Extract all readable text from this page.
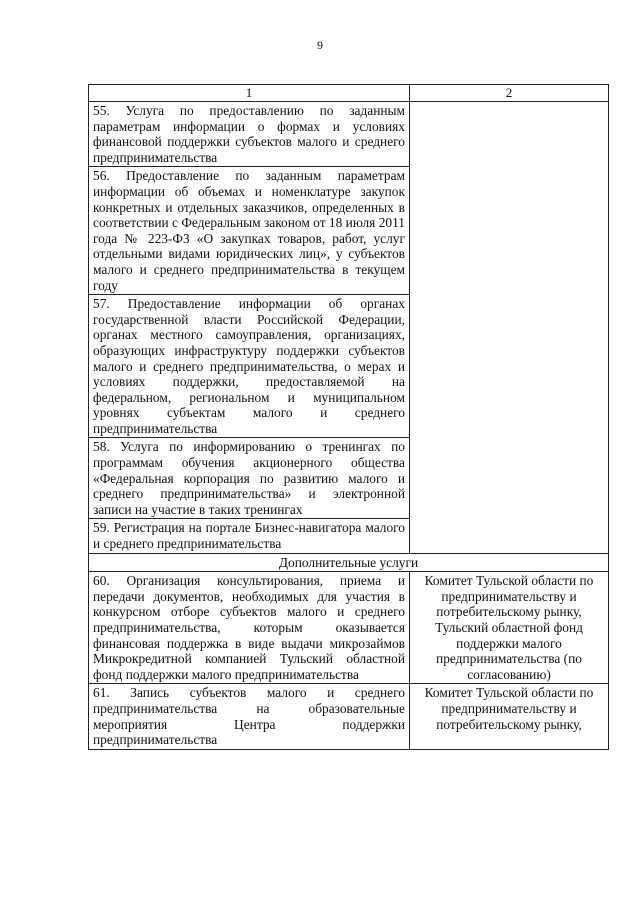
9
1	2
55. Услуга по предоставлению по заданным параметрам информации о формах и условиях финансовой поддержки субъектов малого и среднего предпринимательства	
56. Предоставление по заданным параметрам информации об объемах и номенклатуре закупок конкретных и отдельных заказчиков, определенных в соответствии с Федеральным законом от 18 июля 2011 года № 223-ФЗ «О закупках товаров, работ, услуг отдельными видами юридических лиц», у субъектов малого и среднего предпринимательства в текущем году	
57. Предоставление информации об органах государственной власти Российской Федерации, органах местного самоуправления, организациях, образующих инфраструктуру поддержки субъектов малого и среднего предпринимательства, о мерах и условиях поддержки, предоставляемой на федеральном, региональном и муниципальном уровнях субъектам малого и среднего предпринимательства	
58. Услуга по информированию о тренингах по программам обучения акционерного общества «Федеральная корпорация по развитию малого и среднего предпринимательства» и электронной записи на участие в таких тренингах	
59. Регистрация на портале Бизнес-навигатора малого и среднего предпринимательства	
Дополнительные услуги	
60. Организация консультирования, приема и передачи документов, необходимых для участия в конкурсном отборе субъектов малого и среднего предпринимательства, которым оказывается финансовая поддержка в виде выдачи микрозаймов Микрокредитной компанией Тульский областной фонд поддержки малого предпринимательства	Комитет Тульской области по предпринимательству и потребительскому рынку, Тульский областной фонд поддержки малого предпринимательства (по согласованию)
61. Запись субъектов малого и среднего предпринимательства на образовательные мероприятия Центра поддержки предпринимательства	Комитет Тульской области по предпринимательству и потребительскому рынку,
